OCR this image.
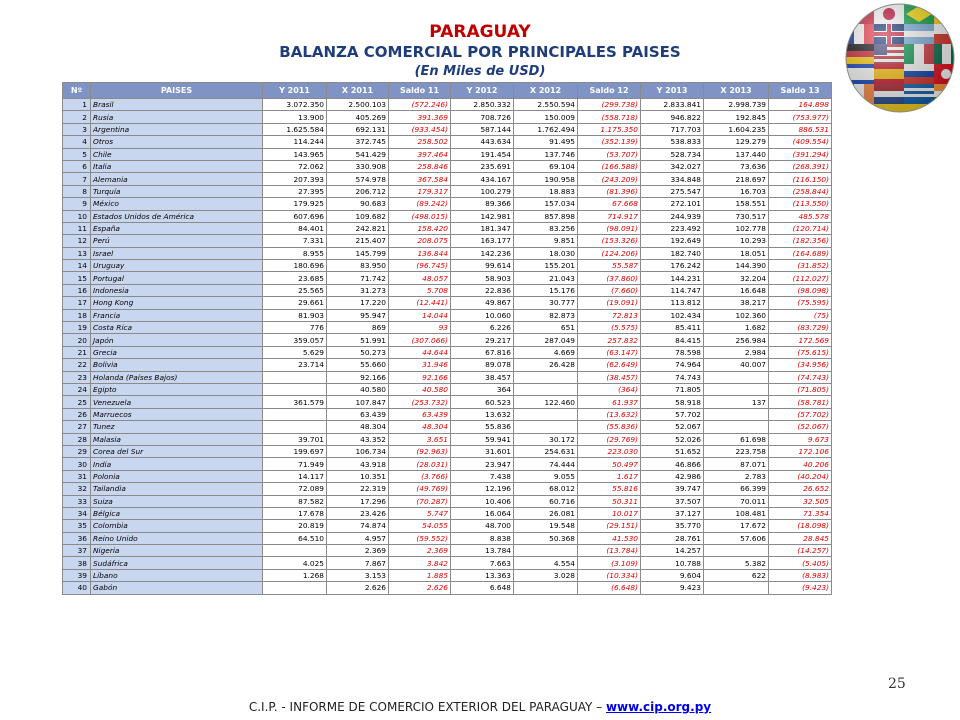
PARAGUAY
BALANZA COMERCIAL POR PRINCIPALES PAISES
(En Miles de USD)
Nº	PAISES	Y 2011	X 2011	Saldo 11	Y 2012	X 2012	Saldo 12	Y 2013	X 2013	Saldo 13
1	Brasil	3.072.350	2.500.103	(572.246)	2.850.332	2.550.594	(299.738)	2.833.841	2.998.739	164.898
2	Rusia	13.900	405.269	391.369	708.726	150.009	(558.718)	946.822	192.845	(753.977)
3	Argentina	1.625.584	692.131	(933.454)	587.144	1.762.494	1.175.350	717.703	1.604.235	886.531
4	Otros	114.244	372.745	258.502	443.634	91.495	(352.139)	538.833	129.279	(409.554)
5	Chile	143.965	541.429	397.464	191.454	137.746	(53.707)	528.734	137.440	(391.294)
6	Italia	72.062	330.908	258.846	235.691	69.104	(166.588)	342.027	73.636	(268.391)
7	Alemania	207.393	574.978	367.584	434.167	190.958	(243.209)	334.848	218.697	(116.150)
8	Turquía	27.395	206.712	179.317	100.279	18.883	(81.396)	275.547	16.703	(258.844)
9	México	179.925	90.683	(89.242)	89.366	157.034	67.668	272.101	158.551	(113.550)
10	Estados Unidos de América	607.696	109.682	(498.015)	142.981	857.898	714.917	244.939	730.517	485.578
11	España	84.401	242.821	158.420	181.347	83.256	(98.091)	223.492	102.778	(120.714)
12	Perú	7.331	215.407	208.075	163.177	9.851	(153.326)	192.649	10.293	(182.356)
13	Israel	8.955	145.799	136.844	142.236	18.030	(124.206)	182.740	18.051	(164.689)
14	Uruguay	180.696	83.950	(96.745)	99.614	155.201	55.587	176.242	144.390	(31.852)
15	Portugal	23.685	71.742	48.057	58.903	21.043	(37.860)	144.231	32.204	(112.027)
16	Indonesia	25.565	31.273	5.708	22.836	15.176	(7.660)	114.747	16.648	(98.098)
17	Hong Kong	29.661	17.220	(12.441)	49.867	30.777	(19.091)	113.812	38.217	(75.595)
18	Francia	81.903	95.947	14.044	10.060	82.873	72.813	102.434	102.360	(75)
19	Costa Rica	776	869	93	6.226	651	(5.575)	85.411	1.682	(83.729)
20	Japón	359.057	51.991	(307.066)	29.217	287.049	257.832	84.415	256.984	172.569
21	Grecia	5.629	50.273	44.644	67.816	4.669	(63.147)	78.598	2.984	(75.615)
22	Bolivia	23.714	55.660	31.946	89.078	26.428	(62.649)	74.964	40.007	(34.956)
23	Holanda (Países Bajos)		92.166	92.166	38.457		(38.457)	74.743		(74.743)
24	Egipto		40.580	40.580	364		(364)	71.805		(71.805)
25	Venezuela	361.579	107.847	(253.732)	60.523	122.460	61.937	58.918	137	(58.781)
26	Marruecos		63.439	63.439	13.632		(13.632)	57.702		(57.702)
27	Tunez		48.304	48.304	55.836		(55.836)	52.067		(52.067)
28	Malasia	39.701	43.352	3.651	59.941	30.172	(29.769)	52.026	61.698	9.673
29	Corea del Sur	199.697	106.734	(92.963)	31.601	254.631	223.030	51.652	223.758	172.106
30	India	71.949	43.918	(28.031)	23.947	74.444	50.497	46.866	87.071	40.206
31	Polonia	14.117	10.351	(3.766)	7.438	9.055	1.617	42.986	2.783	(40.204)
32	Tailandia	72.089	22.319	(49.769)	12.196	68.012	55.816	39.747	66.399	26.652
33	Suiza	87.582	17.296	(70.287)	10.406	60.716	50.311	37.507	70.011	32.505
34	Bélgica	17.678	23.426	5.747	16.064	26.081	10.017	37.127	108.481	71.354
35	Colombia	20.819	74.874	54.055	48.700	19.548	(29.151)	35.770	17.672	(18.098)
36	Reino Unido	64.510	4.957	(59.552)	8.838	50.368	41.530	28.761	57.606	28.845
37	Nigeria		2.369	2.369	13.784		(13.784)	14.257		(14.257)
38	Sudáfrica	4.025	7.867	3.842	7.663	4.554	(3.109)	10.788	5.382	(5.405)
39	Líbano	1.268	3.153	1.885	13.363	3.028	(10.334)	9.604	622	(8.983)
40	Gabón		2.626	2.626	6.648		(6.648)	9.423		(9.423)
25
C.I.P. - INFORME DE COMERCIO EXTERIOR DEL PARAGUAY – www.cip.org.py
